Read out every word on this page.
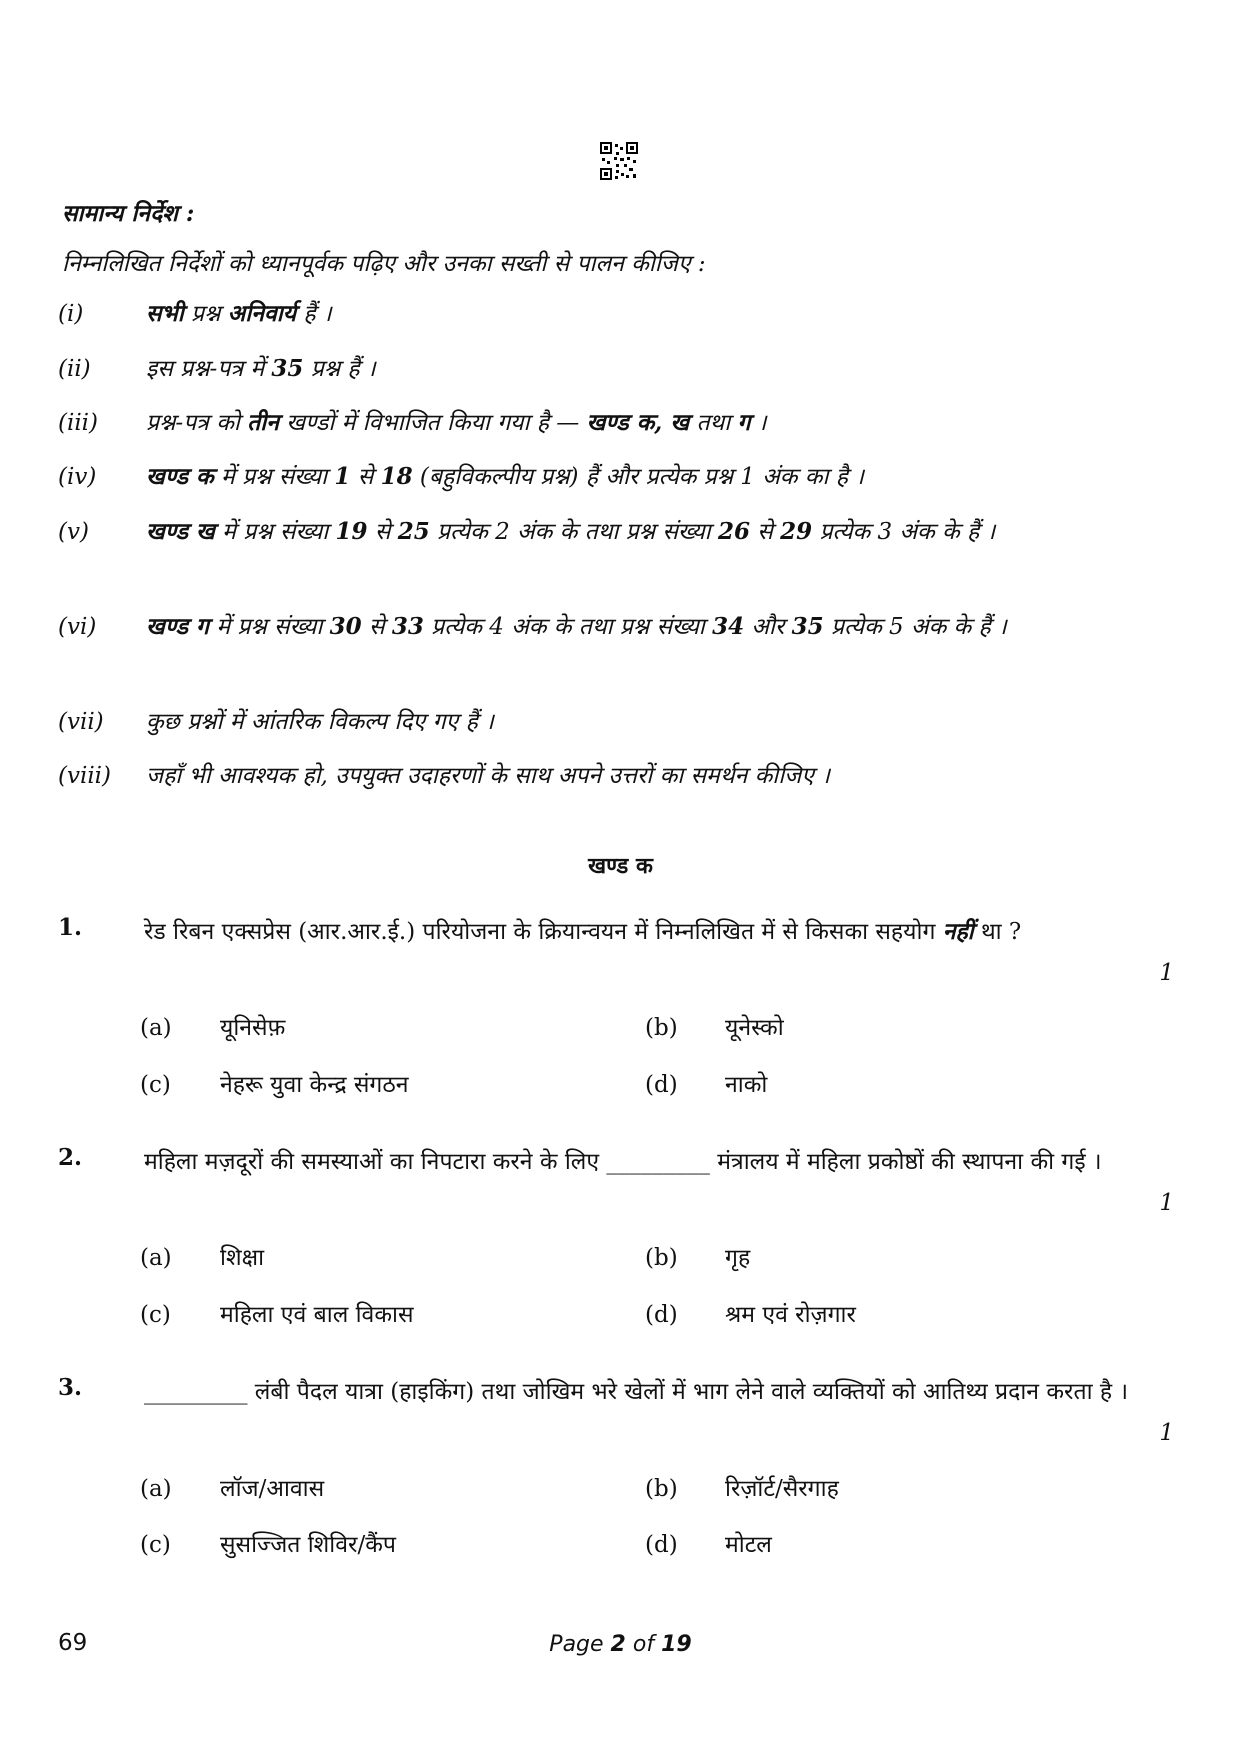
सामान्य निर्देश :
निम्नलिखित निर्देशों को ध्यानपूर्वक पढ़िए और उनका सख्ती से पालन कीजिए :
(i)	सभी प्रश्न अनिवार्य हैं ।
(ii)	इस प्रश्न-पत्र में 35 प्रश्न हैं ।
(iii)	प्रश्न-पत्र को तीन खण्डों में विभाजित किया गया है — खण्ड क, ख तथा ग ।
(iv)	खण्ड क में प्रश्न संख्या 1 से 18 (बहुविकल्पीय प्रश्न) हैं और प्रत्येक प्रश्न 1 अंक का है ।
(v)	खण्ड ख में प्रश्न संख्या 19 से 25 प्रत्येक 2 अंक के तथा प्रश्न संख्या 26 से 29 प्रत्येक 3 अंक के हैं ।
(vi)	खण्ड ग में प्रश्न संख्या 30 से 33 प्रत्येक 4 अंक के तथा प्रश्न संख्या 34 और 35 प्रत्येक 5 अंक के हैं ।
(vii)	कुछ प्रश्नों में आंतरिक विकल्प दिए गए हैं ।
(viii)	जहाँ भी आवश्यक हो, उपयुक्त उदाहरणों के साथ अपने उत्तरों का समर्थन कीजिए ।
खण्ड क
1.	रेड रिबन एक्सप्रेस (आर.आर.ई.) परियोजना के क्रियान्वयन में निम्नलिखित में से किसका सहयोग नहीं था ?
1
(a) यूनिसेफ़	(b) यूनेस्को
(c) नेहरू युवा केन्द्र संगठन	(d) नाको
2.	महिला मज़दूरों की समस्याओं का निपटारा करने के लिए _________ मंत्रालय में महिला प्रकोष्ठों की स्थापना की गई ।
1
(a) शिक्षा	(b) गृह
(c) महिला एवं बाल विकास	(d) श्रम एवं रोज़गार
3.	_________ लंबी पैदल यात्रा (हाइकिंग) तथा जोखिम भरे खेलों में भाग लेने वाले व्यक्तियों को आतिथ्य प्रदान करता है ।
1
(a) लॉज/आवास	(b) रिज़ॉर्ट/सैरगाह
(c) सुसज्जित शिविर/कैंप	(d) मोटल
69	Page 2 of 19
